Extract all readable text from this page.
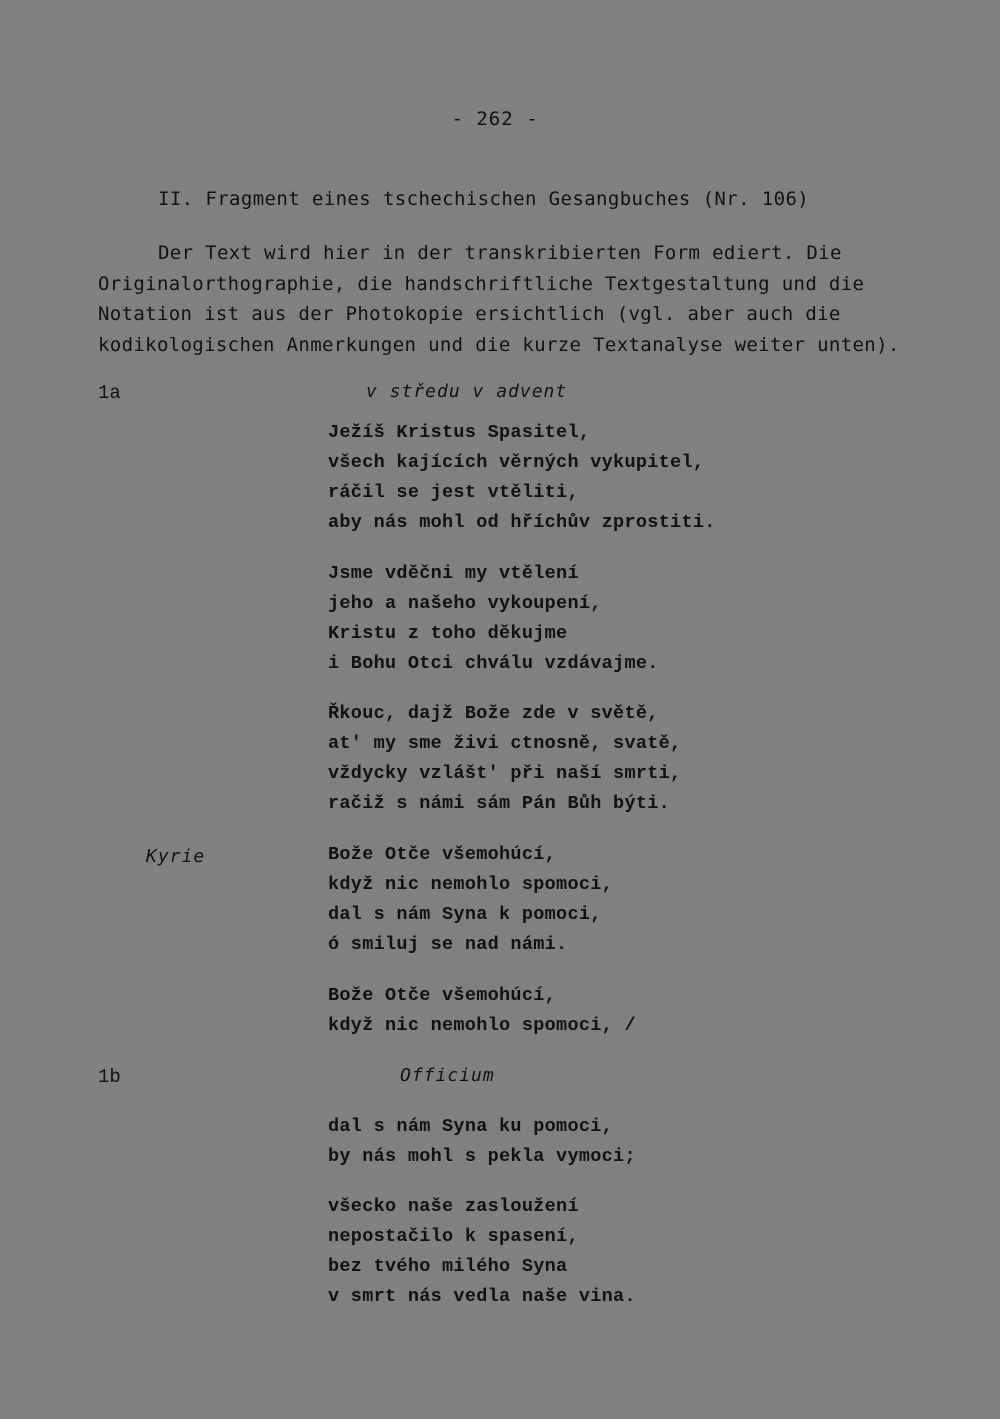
- 262 -
II. Fragment eines tschechischen Gesangbuches (Nr. 106)
Der Text wird hier in der transkribierten Form ediert. Die
Originalorthographie, die handschriftliche Textgestaltung und die
Notation ist aus der Photokopie ersichtlich (vgl. aber auch die
kodikologischen Anmerkungen und die kurze Textanalyse weiter unten).
1a	v středu v advent
Ježíš Kristus Spasitel,
všech kajících věrných vykupitel,
ráčil se jest vtěliti,
aby nás mohl od hříchův zprostiti.
Jsme vděčni my vtělení
jeho a našeho vykoupení,
Kristu z toho děkujme
i Bohu Otci chválu vzdávajme.
Řkouc, dajž Bože zde v světě,
at' my sme živi ctnosně, svatě,
vždycky vzlášt' při naší smrti,
račiž s námi sám Pán Bůh býti.
Kyrie	Bože Otče všemohúcí,
když nic nemohlo spomoci,
dal s nám Syna k pomoci,
ó smiluj se nad námi.
Bože Otče všemohúcí,
když nic nemohlo spomoci, /
1b	Officium
dal s nám Syna ku pomoci,
by nás mohl s pekla vymoci;
všecko naše zasloužení
nepostačilo k spasení,
bez tvého milého Syna
v smrt nás vedla naše vina.
